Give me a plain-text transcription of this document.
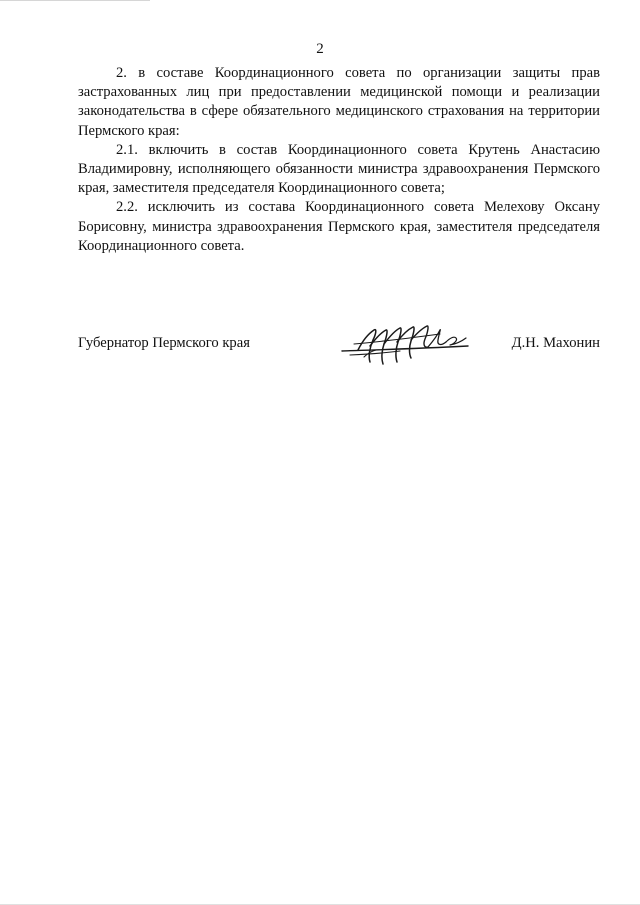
2

2. в составе Координационного совета по организации защиты прав застрахованных лиц при предоставлении медицинской помощи и реализации законодательства в сфере обязательного медицинского страхования на территории Пермского края:

2.1. включить в состав Координационного совета Крутень Анастасию Владимировну, исполняющего обязанности министра здравоохранения Пермского края, заместителя председателя Координационного совета;

2.2. исключить из состава Координационного совета Мелехову Оксану Борисовну, министра здравоохранения Пермского края, заместителя председателя Координационного совета.

Губернатор Пермского края	Д.Н. Махонин
